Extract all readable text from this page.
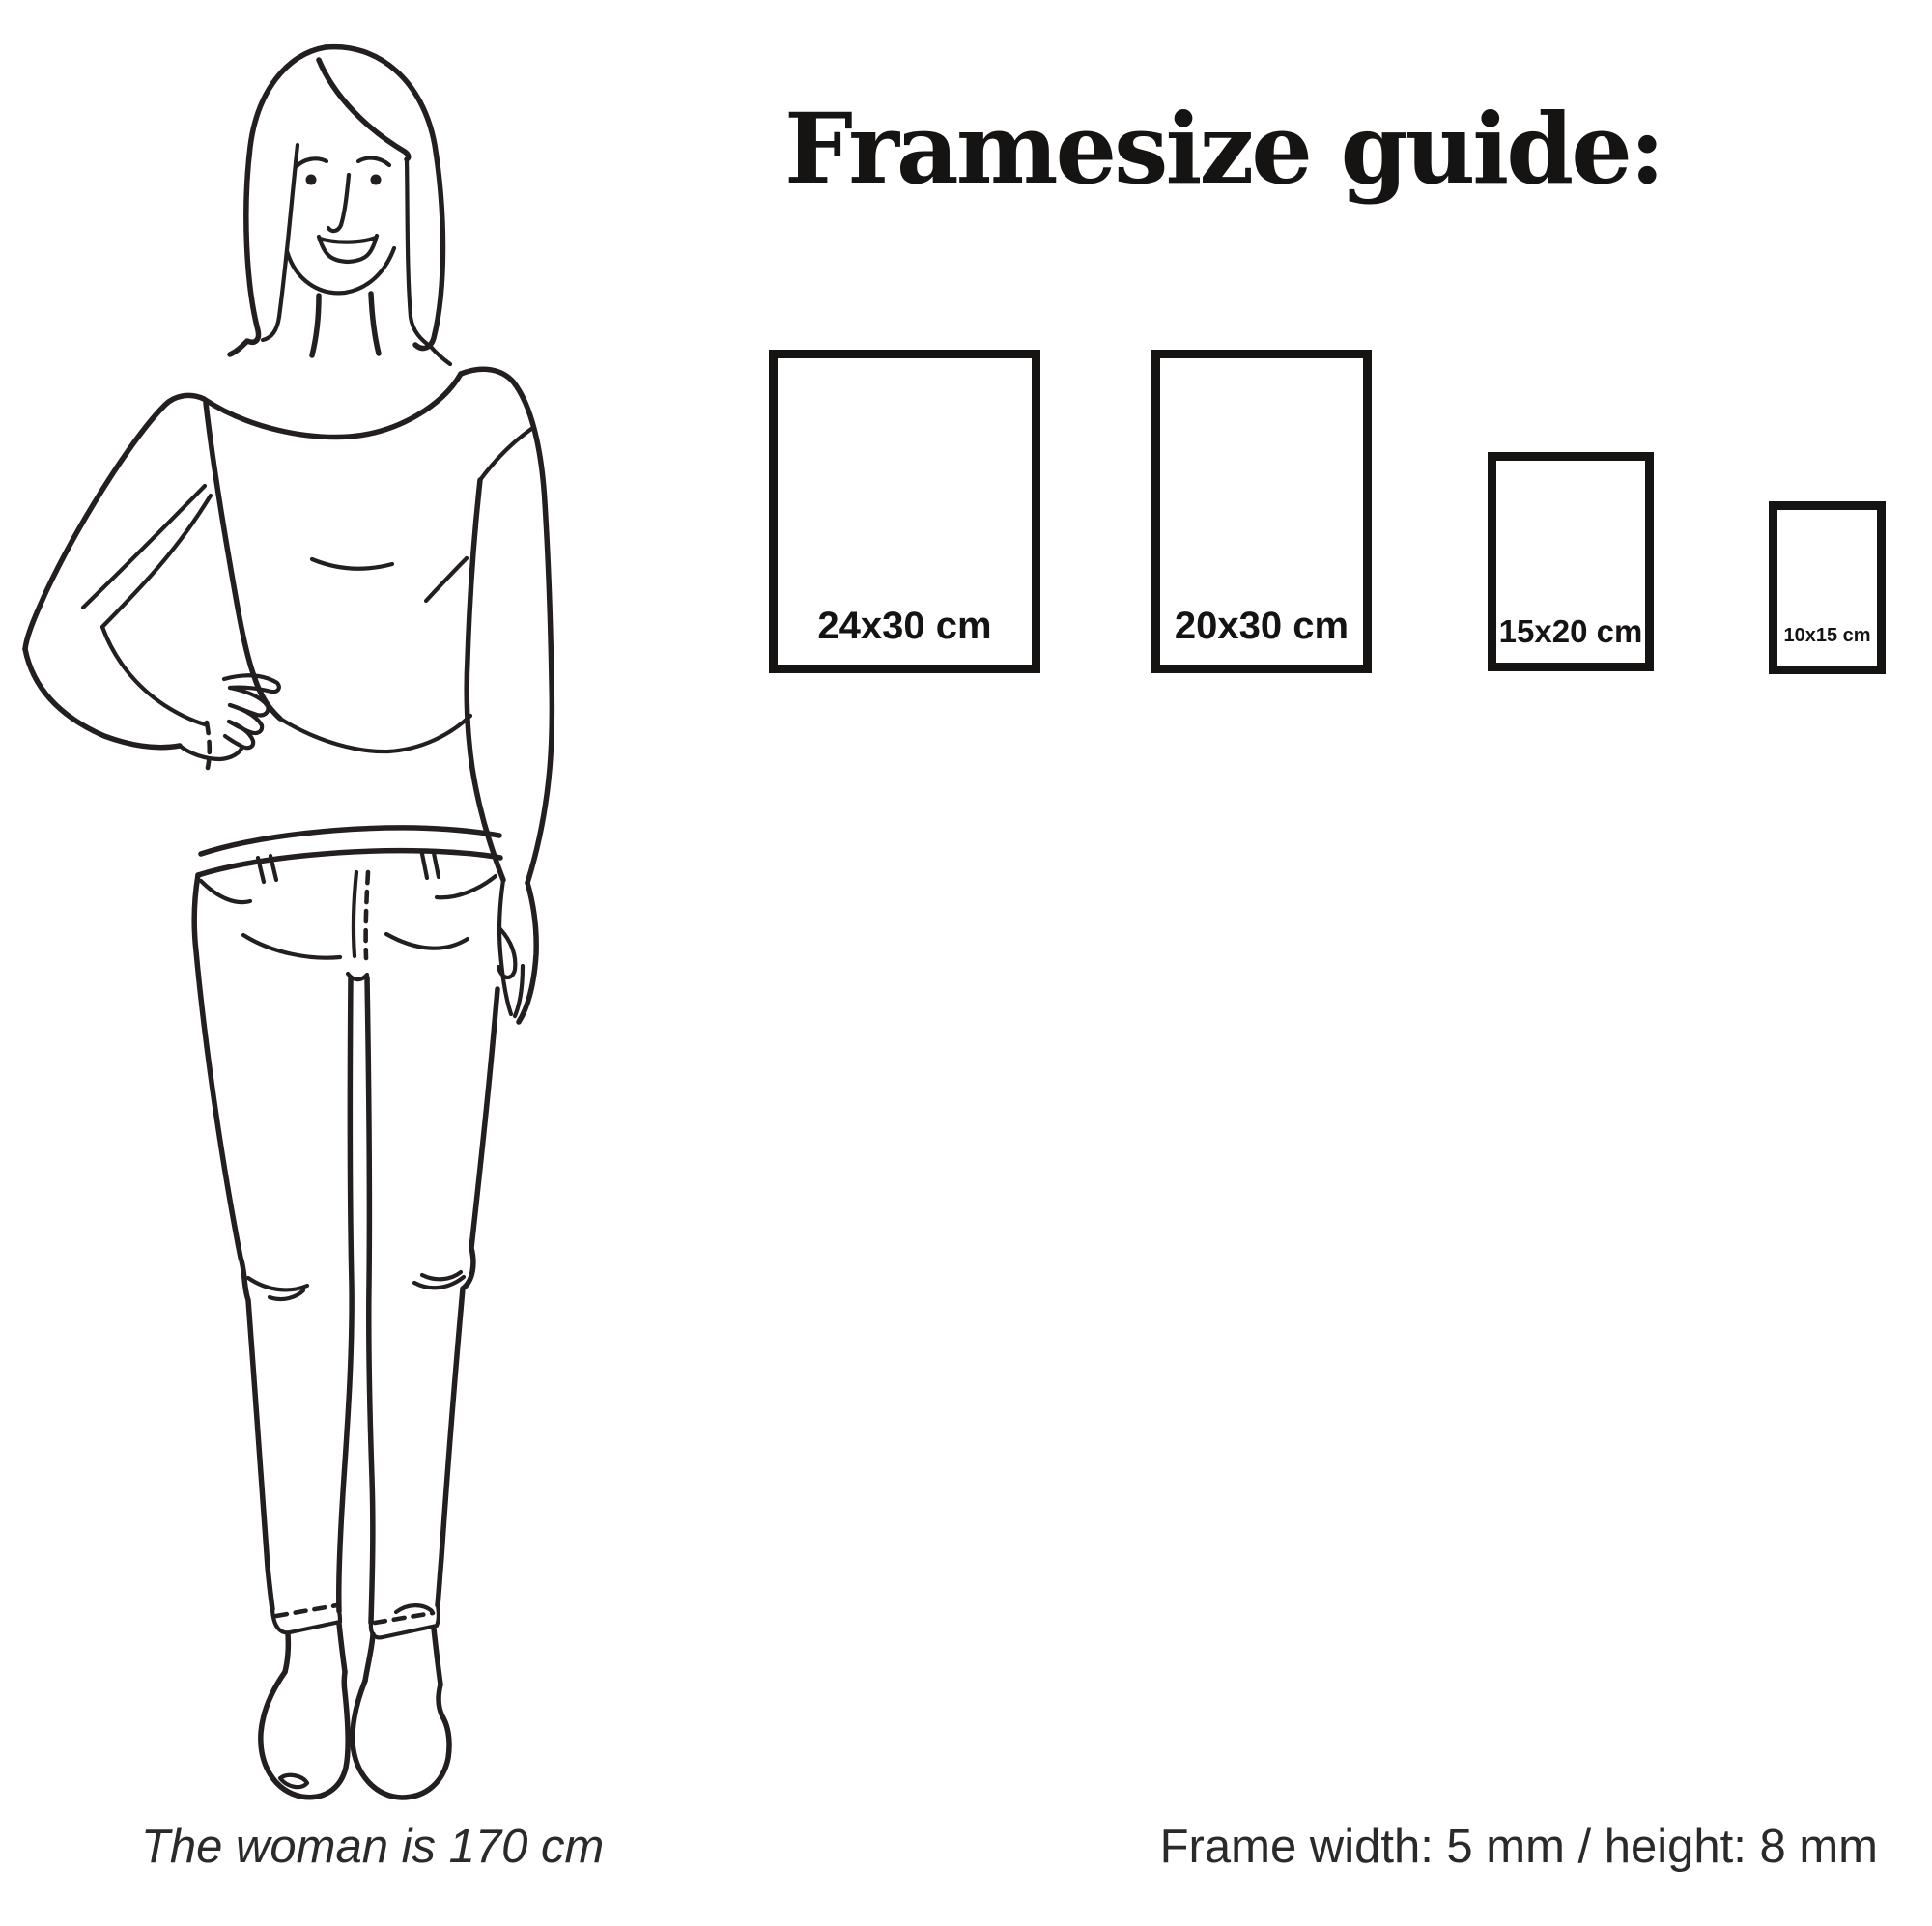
Framesize guide:
24x30 cm	20x30 cm	15x20 cm	10x15 cm
The woman is 170 cm	Frame width: 5 mm / height: 8 mm
